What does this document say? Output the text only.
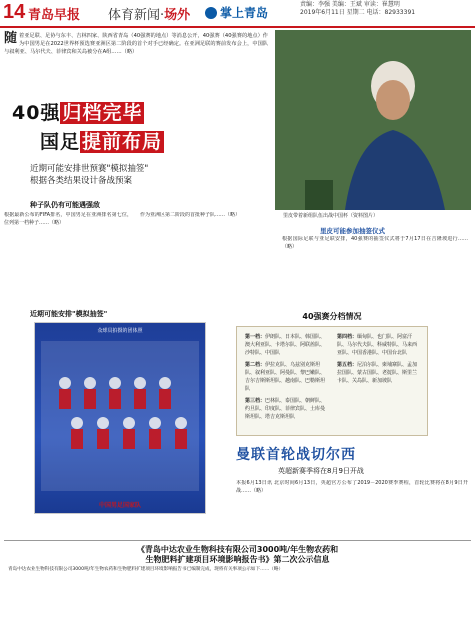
14 青岛早报 体育新闻·场外	掌上青岛
责编：李强 美编：王斌 审读：崔慧明
2019年6月11日 星期二 电话：82933391
随 着亚足联、足协与东丰、吉林四家、陕西省青岛（40强赛的地点）等消息公开，40强赛（40强赛的地点）作为中国男足在2022世界杯预选赛亚洲区第二阶段的首个对手已经确定。在亚洲足联的赛前发布会上，中国队与叙利亚、马尔代夫、菲律宾和关岛被分在A组……（略）
40强 归档完毕
国足 提前布局
近期可能安排世预赛"模拟抽签"
根据各类结果设计备战预案
种子队仍有可能遇强敌
根据最新公布的FIFA排名，中国男足在亚洲排名第七位，位列第一档种子……（略）
近期可能安排"模拟抽签"
作为亚洲区第二阶段的首批种子队……（略）	里皮带着新组队伍出战中国杯（资料图片）
里皮可能参加抽签仪式
根据国际足联与亚足联安排，40强赛的抽签仪式将于7月17日在吉隆坡进行……（略）
40强赛分档情况
第一档：伊朗队、日本队、韩国队、澳大利亚队、卡塔尔队、阿联酋队、沙特队、中国队
第二档：伊拉克队、乌兹别克斯坦队、叙利亚队、阿曼队、黎巴嫩队、吉尔吉斯斯坦队、越南队、巴勒斯坦队
第三档：巴林队、泰国队、朝鲜队、约旦队、印度队、菲律宾队、土库曼斯坦队、塔吉克斯坦队
第四档：缅甸队、也门队、阿富汗队、马尔代夫队、科威特队、马来西亚队、中国香港队、中国台北队
第五档：尼泊尔队、柬埔寨队、孟加拉国队、蒙古国队、老挝队、斯里兰卡队、关岛队、新加坡队
众球员拍摄的团体照
中国男足国家队
曼联首轮战切尔西
英超新赛季将在8月9日开战
本报6月13日讯 北京时间6月13日，英超官方公布了2019－2020赛季赛程，首轮比赛将在8月9日开战……（略）
《青岛中达农业生物科技有限公司3000吨/年生物农药和
生物肥料扩建项目环境影响报告书》第二次公示信息
青岛中达农业生物科技有限公司3000吨/年生物农药和生物肥料扩建项目环境影响报告书已编制完成，现将有关事项公示如下……（略）
